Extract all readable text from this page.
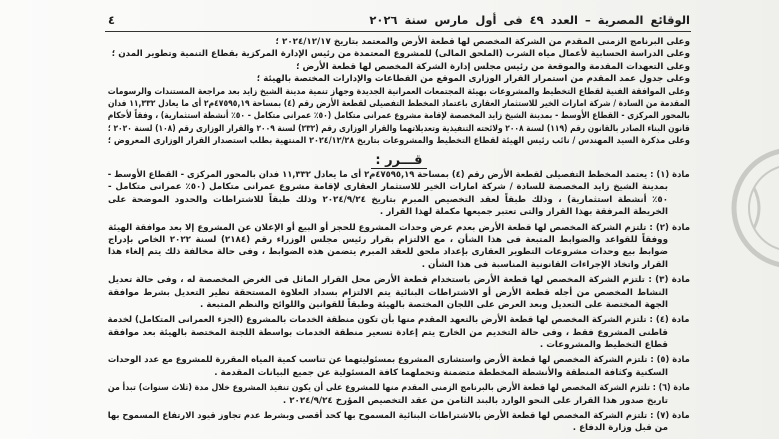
الوقائع المصرية – العدد ٤٩ فى أول مارس سنة ٢٠٢٦
٤
وعلى البرنامج الزمنى المقدم من الشركة المخصص لها قطعة الأرض والمعتمد بتاريخ ٢٠٢٤/١٢/١٧ ؛
وعلى الدراسة الحسابية لأعمال مياه الشرب (الملحق المالى) للمشروع المعتمدة من رئيس الإدارة المركزية بقطاع التنمية وتطوير المدن ؛
وعلى التعهدات المقدمة والموقعة من رئيس مجلس إدارة الشركة المخصص لها قطعة الأرض ؛
وعلى جدول عمد المقدم من استمرار القرار الوزارى الموقع من القطاعات والإدارات المختصة بالهيئة ؛
وعلى الموافقة الفنية لقطاع التخطيط والمشروعات بهيئة المجتمعات العمرانية الجديدة وجهاز تنمية مدينة الشيخ زايد بعد مراجعة المستندات والرسومات
المقدمة من السادة / شركة امارات الخير للاستثمار العقارى باعتماد المخطط التفصيلى لقطعة الأرض رقم (٤) بمساحة ٤٧٥٩٥,١٩م٢ أى ما يعادل ١١,٣٣٢ فدان
بالمحور المركزى - القطاع الأوسط - بمدينة الشيخ زايد المخصصة لإقامة مشروع عمرانى متكامل (٥٠٪ عمرانى متكامل - ٥٠٪ أنشطة استثمارية) ، وفقاً لأحكام
قانون البناء الصادر بالقانون رقم (١١٩) لسنة ٢٠٠٨ ولائحته التنفيذية وتعديلاتهما والقرار الوزارى رقم (٢٣٢) لسنة ٢٠٠٩ والقرار الوزارى رقم (١٠٨) لسنة ٢٠٢٠ ؛
وعلى مذكرة السيد المهندس / نائب رئيس الهيئة لقطاع التخطيط والمشروعات بتاريخ ٢٠٢٤/١٢/٢٨ المنتهية بطلب استصدار القرار الوزارى المعروض ؛
قـــرر :
مادة (١) : يعتمد المخطط التفصيلى لقطعة الأرض رقم (٤) بمساحة ٤٧٥٩٥,١٩م٢ أى ما يعادل ١١,٣٣٢ فدان بالمحور المركزى - القطاع الأوسط -
بمدينة الشيخ زايد المخصصة للسادة / شركة امارات الخير للاستثمار العقارى لإقامة مشروع عمرانى متكامل (٥٠٪ عمرانى متكامل -
٥٠٪ أنشطة استثمارية) ، وذلك طبقاً لعقد التخصيص المبرم بتاريخ ٢٠٢٤/٩/٢٤ وذلك طبقاً للاشتراطات والحدود الموضحة على
الخريطة المرفقة بهذا القرار والتى تعتبر جميعها مكملة لهذا القرار .
مادة (٢) : تلتزم الشركة المخصص لها قطعة الأرض بعدم عرض وحدات المشروع للحجز أو البيع أو الإعلان عن المشروع إلا بعد موافقة الهيئة
ووفقاً للقواعد والضوابط المتبعة فى هذا الشأن ، مع الالتزام بقرار رئيس مجلس الوزراء رقم (٢١٨٤) لسنة ٢٠٢٢ الخاص بإدراج
ضوابط بيع وحدات مشروعات التطوير العقارى بإعداد ملحق للعقد المبرم يتضمن هذه الضوابط ، وفى حالة مخالفة ذلك يتم إلغاء هذا
القرار واتخاذ الإجراءات القانونية المناسبة فى هذا الشأن .
مادة (٣) : تلتزم الشركة المخصص لها قطعة الأرض باستخدام قطعة الأرض محل القرار الماثل فى الغرض المخصصة له ، وفى حالة تعديل
النشاط المخصص من أجله قطعة الأرض أو الاشتراطات البنائية يتم الالتزام بسداد العلاوة المستحقة نظير التعديل بشرط موافقة
الجهة المختصة على التعديل وبعد العرض على اللجان المختصة بالهيئة وطبقاً للقوانين واللوائح والنظم المتبعة .
مادة (٤) : تلتزم الشركة المخصص لها قطعة الأرض بالتعهد المقدم منها بأن تكون منطقة الخدمات بالمشروع (الجزء العمرانى المتكامل) لخدمة
قاطنى المشروع فقط ، وفى حالة التخديم من الخارج يتم إعادة تسعير منطقة الخدمات بواسطة اللجنة المختصة بالهيئة بعد موافقة
قطاع التخطيط والمشروعات .
مادة (٥) : تلتزم الشركة المخصص لها قطعة الأرض واستشارى المشروع بمسئوليتهما عن تناسب كمية المياه المقررة للمشروع مع عدد الوحدات
السكنية وكثافة المنطقة والأنشطة المخططة متضمنة وتحملهما كافة المسئولية عن جميع البيانات المقدمة .
مادة (٦) : تلتزم الشركة المخصص لها قطعة الأرض بالبرنامج الزمنى المقدم منها للمشروع على أن يكون تنفيذ المشروع خلال مدة (ثلاث سنوات) تبدأ من
تاريخ صدور هذا القرار على النحو الوارد بالبند الثامن من عقد التخصيص المؤرخ ٢٠٢٤/٩/٢٤ .
مادة (٧) : تلتزم الشركة المخصص لها قطعة الأرض بالاشتراطات البنائية المسموح بها كحد أقصى وبشرط عدم تجاوز قيود الارتفاع المسموح بها
من قبل وزارة الدفاع .
